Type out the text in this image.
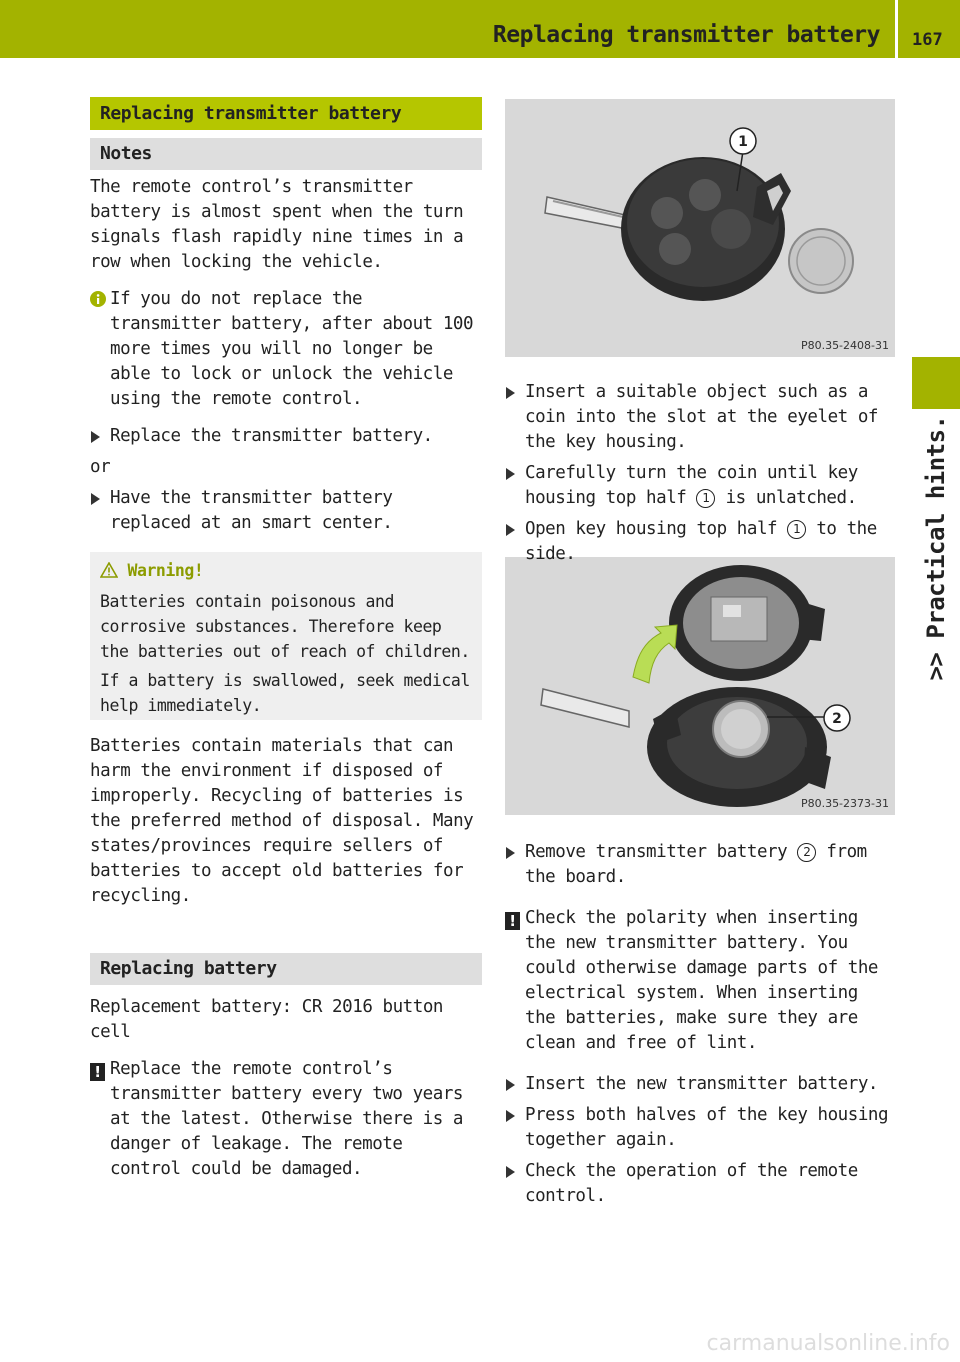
Replacing transmitter battery 167
>> Practical hints.
Replacing transmitter battery
Notes

The remote control’s transmitter battery is almost spent when the turn signals flash rapidly nine times in a row when locking the vehicle.

If you do not replace the transmitter battery, after about 100 more times you will no longer be able to lock or unlock the vehicle using the remote control.
Replace the transmitter battery.

or

Have the transmitter battery replaced at an smart center.
Warning!

Batteries contain poisonous and corrosive substances. Therefore keep the batteries out of reach of children.

If a battery is swallowed, seek medical help immediately.

Batteries contain materials that can harm the environment if disposed of improperly. Recycling of batteries is the preferred method of disposal. Many states/provinces require sellers of batteries to accept old batteries for recycling.

Replacing battery

Replacement battery: CR 2016 button cell

! Replace the remote control’s transmitter battery every two years at the latest. Otherwise there is a danger of leakage. The remote control could be damaged.
1
P80.35-2408-31
2
P80.35-2373-31
Insert a suitable object such as a coin into the slot at the eyelet of the key housing.
Carefully turn the coin until key housing top half 1 is unlatched.
Open key housing top half 1 to the side.
Remove transmitter battery 2 from the board.
! Check the polarity when inserting the new transmitter battery. You could otherwise damage parts of the electrical system. When inserting the batteries, make sure they are clean and free of lint.
Insert the new transmitter battery.
Press both halves of the key housing together again.
Check the operation of the remote control.
carmanualsonline.info
